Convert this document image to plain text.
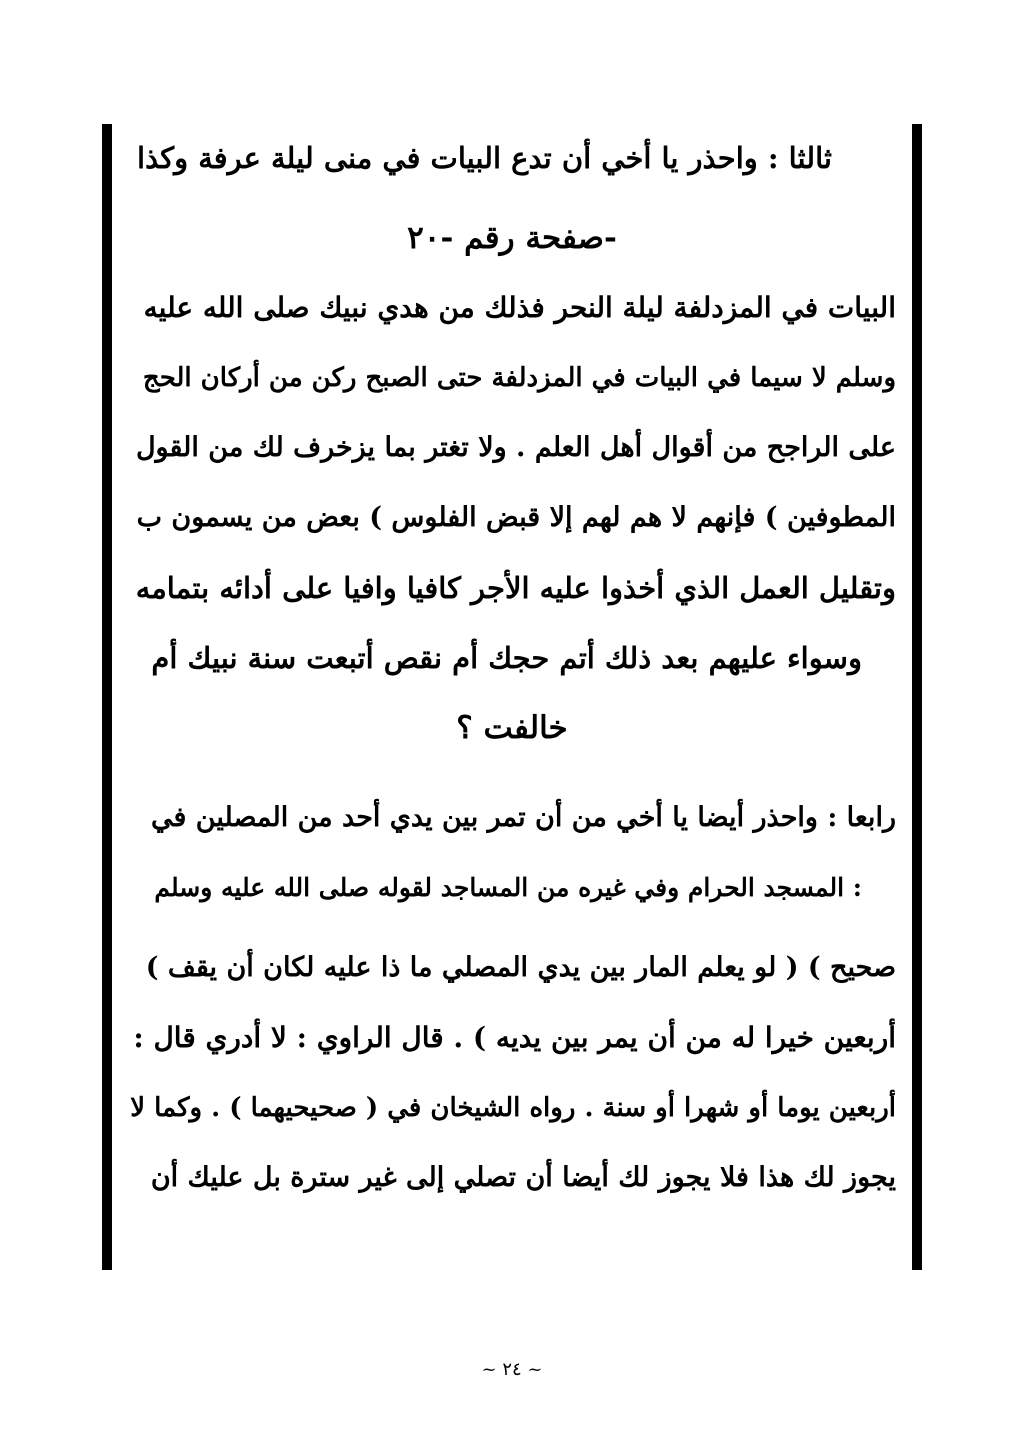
ثالثا : واحذر يا أخي أن تدع البيات في منى ليلة عرفة وكذا
-صفحة رقم -٢٠
البيات في المزدلفة ليلة النحر فذلك من هدي نبيك صلى الله عليه
وسلم لا سيما في البيات في المزدلفة حتى الصبح ركن من أركان الحج
على الراجح من أقوال أهل العلم . ولا تغتر بما يزخرف لك من القول
المطوفين ) فإنهم لا هم لهم إلا قبض الفلوس ) بعض من يسمون ب
وتقليل العمل الذي أخذوا عليه الأجر كافيا وافيا على أدائه بتمامه
وسواء عليهم بعد ذلك أتم حجك أم نقص أتبعت سنة نبيك أم
خالفت ؟
رابعا : واحذر أيضا يا أخي من أن تمر بين يدي أحد من المصلين في
: المسجد الحرام وفي غيره من المساجد لقوله صلى الله عليه وسلم
صحيح ) ( لو يعلم المار بين يدي المصلي ما ذا عليه لكان أن يقف )
أربعين خيرا له من أن يمر بين يديه ) . قال الراوي : لا أدري قال :
أربعين يوما أو شهرا أو سنة . رواه الشيخان في ( صحيحيهما ) . وكما لا
يجوز لك هذا فلا يجوز لك أيضا أن تصلي إلى غير سترة بل عليك أن
~ ٢٤ ~
